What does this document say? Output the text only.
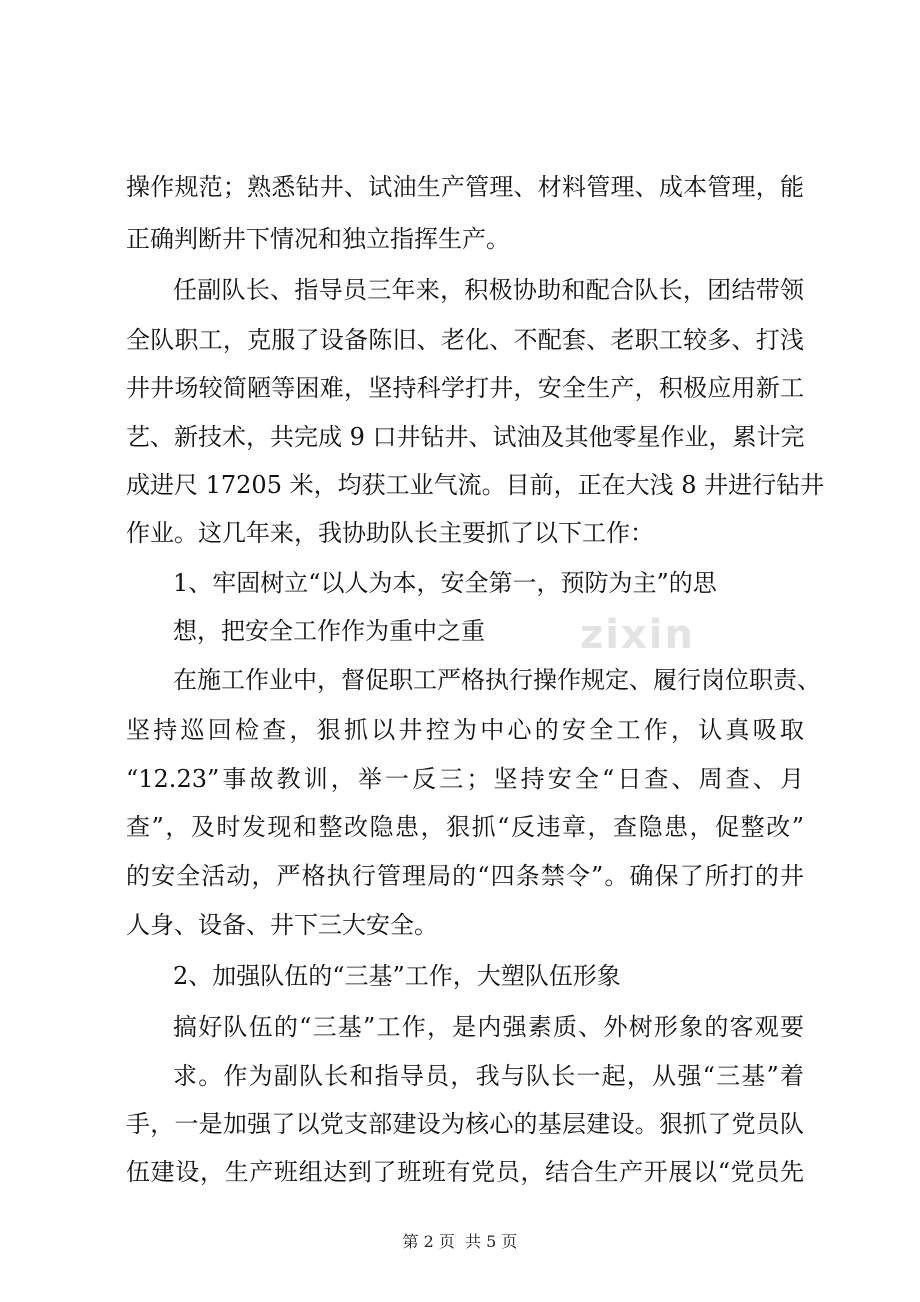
zixin
操作规范；熟悉钻井、试油生产管理、材料管理、成本管理，能
正确判断井下情况和独立指挥生产。
任副队长、指导员三年来，积极协助和配合队长，团结带领
全队职工，克服了设备陈旧、老化、不配套、老职工较多、打浅
井井场较简陋等困难，坚持科学打井，安全生产，积极应用新工
艺、新技术，共完成 9 口井钻井、试油及其他零星作业，累计完
成进尺 17205 米，均获工业气流。目前，正在大浅 8 井进行钻井
作业。这几年来，我协助队长主要抓了以下工作：
1、牢固树立“以人为本，安全第一，预防为主”的思
想，把安全工作作为重中之重
在施工作业中，督促职工严格执行操作规定、履行岗位职责、
坚持巡回检查，狠抓以井控为中心的安全工作，认真吸取
“12.23”事故教训，举一反三；坚持安全“日查、周查、月
查”，及时发现和整改隐患，狠抓“反违章，查隐患，促整改”
的安全活动，严格执行管理局的“四条禁令”。确保了所打的井
人身、设备、井下三大安全。
2、加强队伍的“三基”工作，大塑队伍形象
搞好队伍的“三基”工作，是内强素质、外树形象的客观要
求。作为副队长和指导员，我与队长一起，从强“三基”着
手，一是加强了以党支部建设为核心的基层建设。狠抓了党员队
伍建设，生产班组达到了班班有党员，结合生产开展以“党员先
第 2 页  共 5 页
